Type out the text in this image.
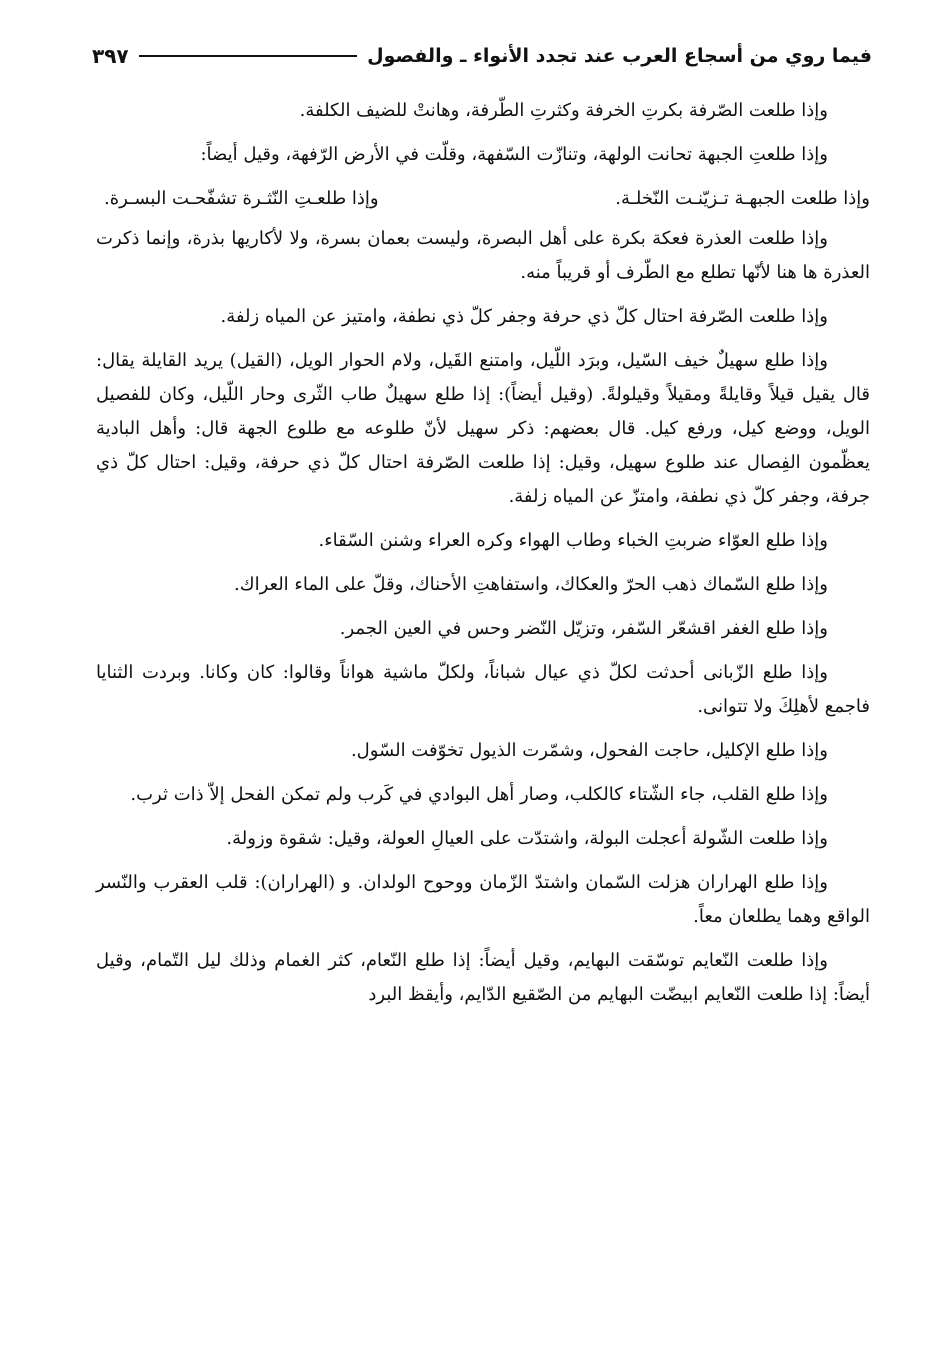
فيما روي من أسجاع العرب عند تجدد الأنواء ـ والفصول
٣٩٧

وإذا طلعت الصّرفة بكرتِ الخرفة وكثرتِ الطّرفة، وهانتْ للضيف الكلفة.

وإذا طلعتِ الجبهة تحانت الولهة، وتنازّت السّفهة، وقلّت في الأرض الرّفهة، وقيل أيضاً:

وإذا طلعت الجبهـة تـزيّنـت النّخلـة.
وإذا طلعـتِ النّثـرة تشفّحـت البسـرة.

وإذا طلعت العذرة فعكة بكرة على أهل البصرة، وليست بعمان بسرة، ولا لأكاريها بذرة، وإنما ذكرت العذرة ها هنا لأنّها تطلع مع الطّرف أو قريباً منه.

وإذا طلعت الصّرفة احتال كلّ ذي حرفة وجفر كلّ ذي نطفة، وامتيز عن المياه زلفة.

وإذا طلع سهيلٌ خيف السّيل، وبرَد اللّيل، وامتنع القَيل، ولام الحوار الويل، (القيل) يريد القايلة يقال: قال يقيل قيلاً وقايلةً ومقيلاً وقيلولةً. (وقيل أيضاً): إذا طلع سهيلٌ طاب الثّرى وحار اللّيل، وكان للفصيل الويل، ووضع كيل، ورفع كيل. قال بعضهم: ذكر سهيل لأنّ طلوعه مع طلوع الجهة قال: وأهل البادية يعظّمون الفِصال عند طلوع سهيل، وقيل: إذا طلعت الصّرفة احتال كلّ ذي حرفة، وقيل: احتال كلّ ذي جرفة، وجفر كلّ ذي نطفة، وامتزّ عن المياه زلفة.

وإذا طلع العوّاء ضربتِ الخباء وطاب الهواء وكره العراء وشنن السّقاء.

وإذا طلع السّماك ذهب الحرّ والعكاك، واستفاهتِ الأحناك، وقلّ على الماء العراك.

وإذا طلع الغفر اقشعّر السّفر، وتزيّل النّضر وحس في العين الجمر.

وإذا طلع الزّبانى أحدثت لكلّ ذي عيال شباناً، ولكلّ ماشية هواناً وقالوا: كان وكانا. وبردت الثنايا فاجمع لأهلِكَ ولا تتوانى.

وإذا طلع الإكليل، حاجت الفحول، وشمّرت الذيول تخوّفت السّول.

وإذا طلع القلب، جاء الشّتاء كالكلب، وصار أهل البوادي في كَرب ولم تمكن الفحل إلاّ ذات ثرب.

وإذا طلعت الشّولة أعجلت البولة، واشتدّت على العيالِ العولة، وقيل: شقوة وزولة.

وإذا طلع الهراران هزلت السّمان واشتدّ الزّمان ووحوح الولدان. و (الهراران): قلب العقرب والنّسر الواقع وهما يطلعان معاً.

وإذا طلعت النّعايم توسّقت البهايم، وقيل أيضاً: إذا طلع النّعام، كثر الغمام وذلك ليل التّمام، وقيل أيضاً: إذا طلعت النّعايم ابيضّت البهايم من الصّقيع الدّايم، وأيقظ البرد
